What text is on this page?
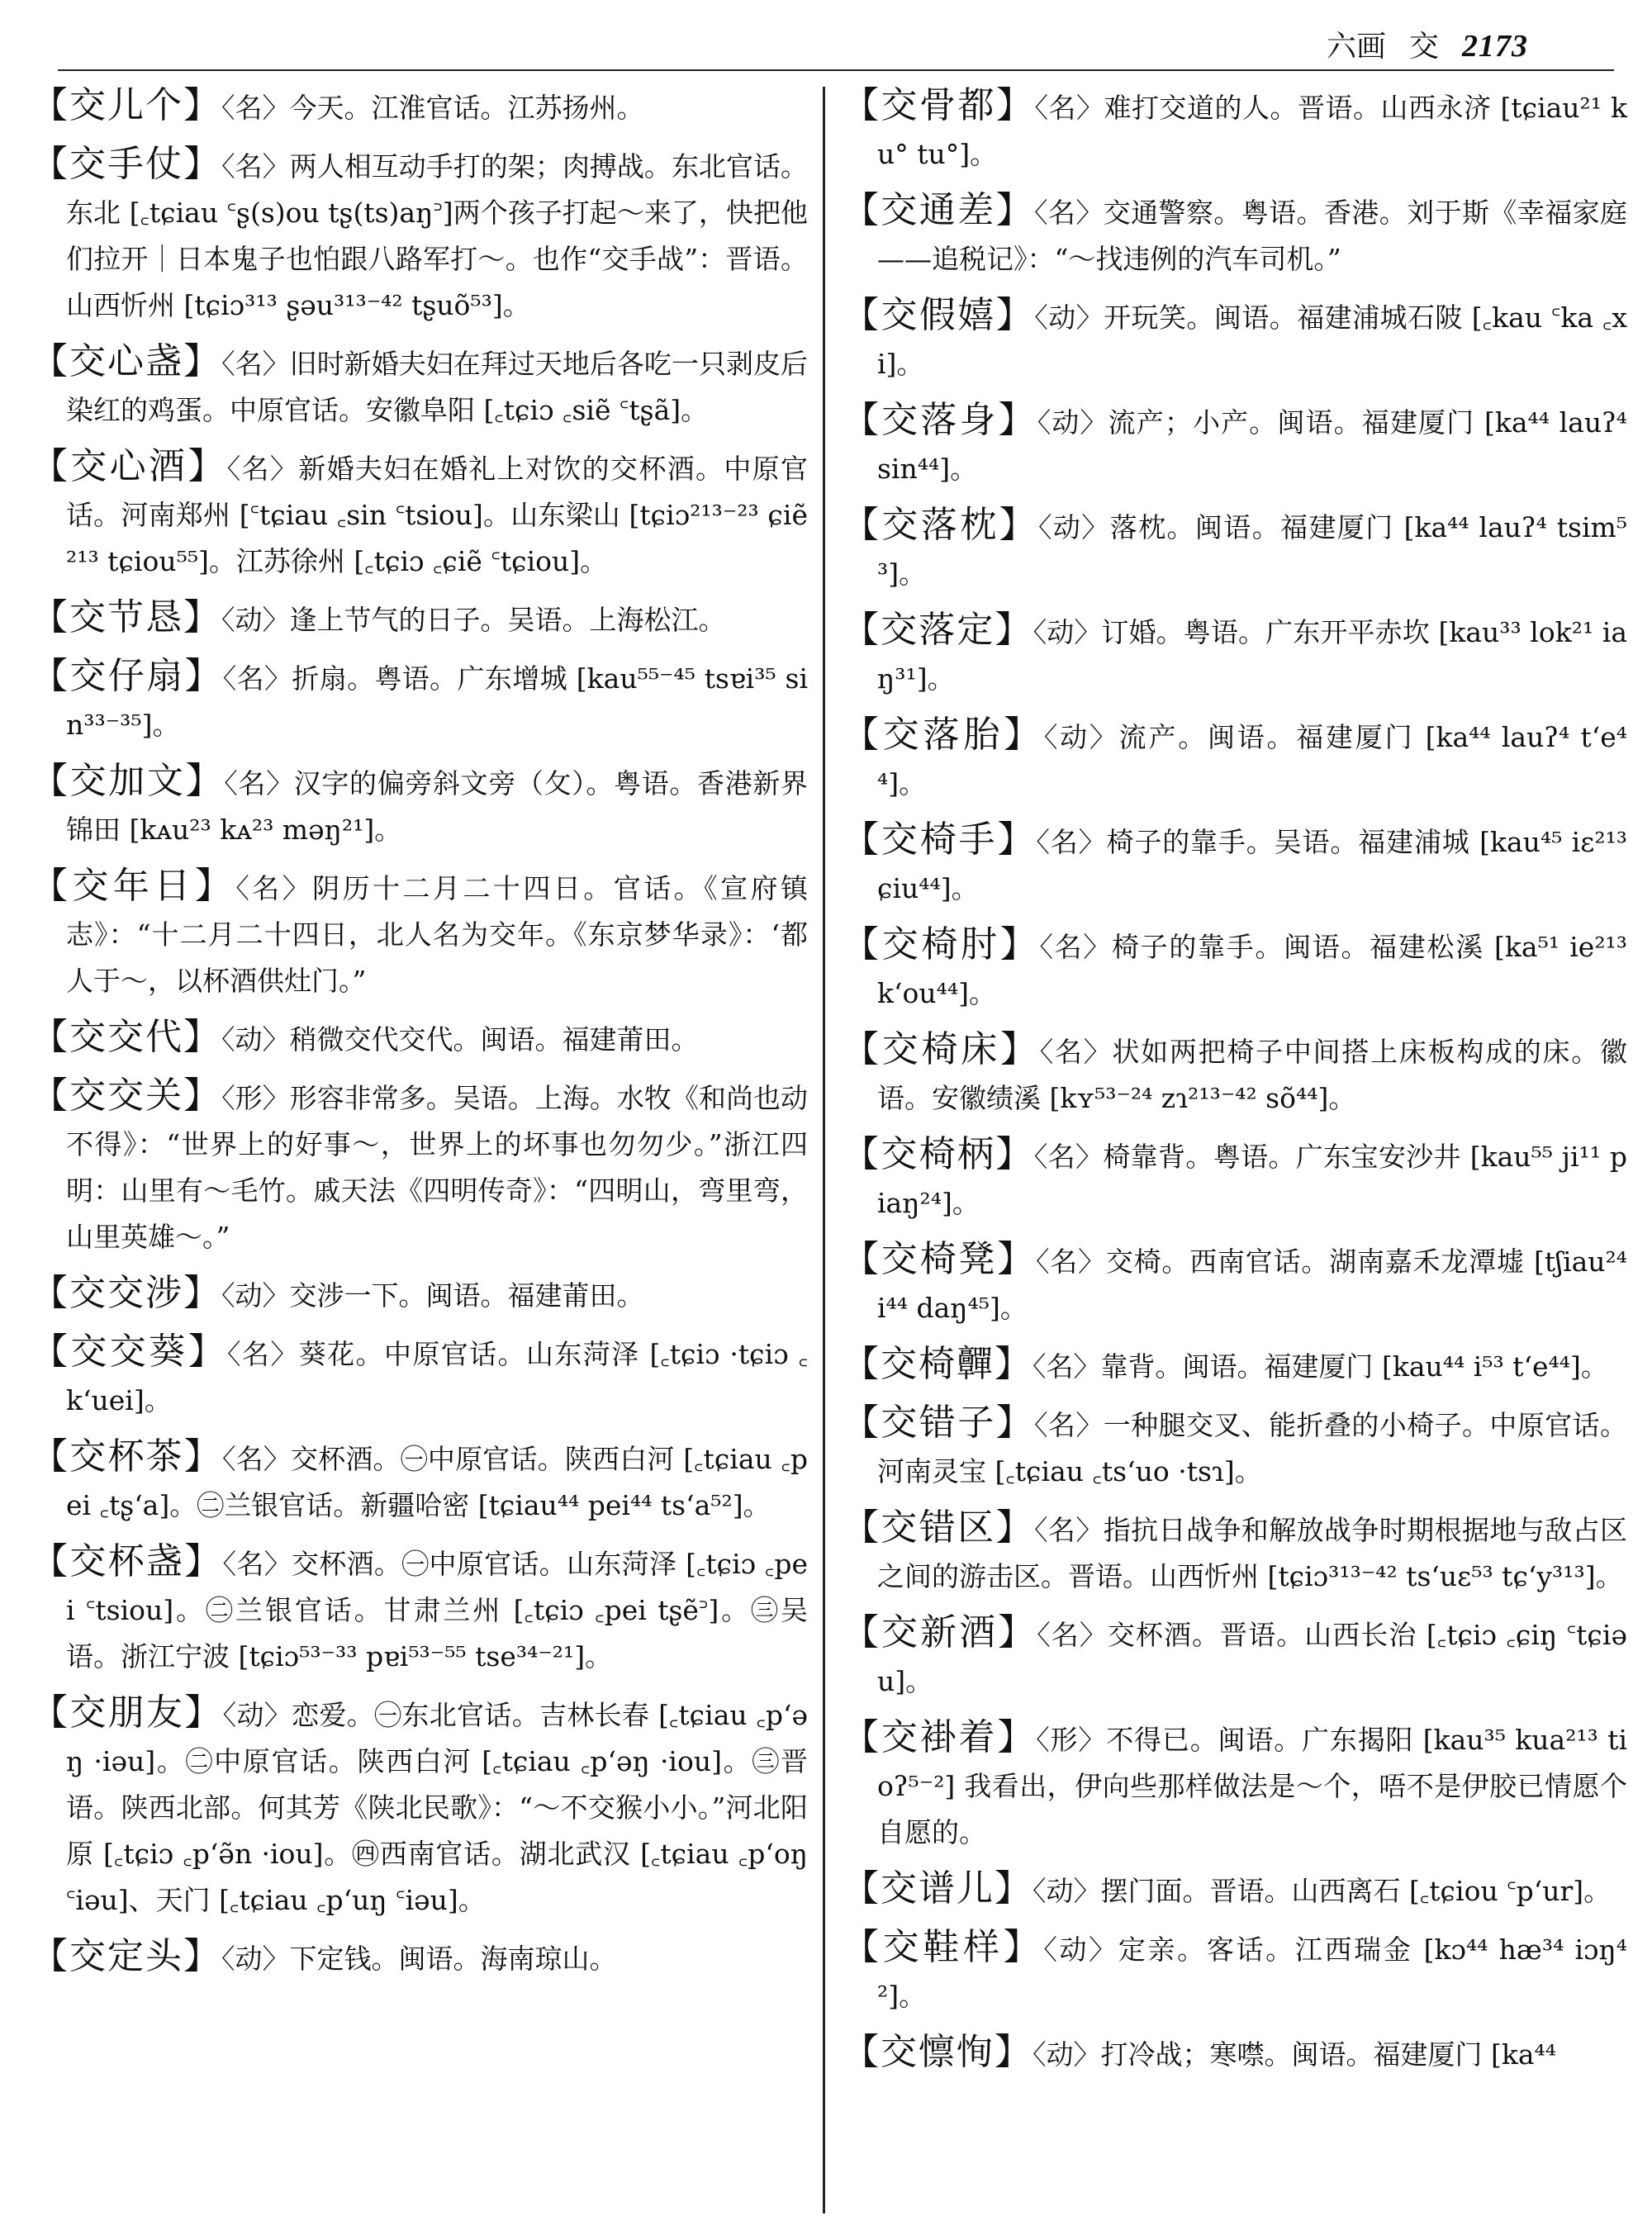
六画 交 2173

【交儿个】〈名〉今天。江淮官话。江苏扬州。

【交手仗】〈名〉两人相互动手打的架；肉搏战。东北官话。东北 [꜀tɕiau ꜂ʂ(s)ou tʂ(ts)aŋ꜄]两个孩子打起～来了，快把他们拉开｜日本鬼子也怕跟八路军打～。也作“交手战”：晋语。山西忻州 [tɕiɔ³¹³ ʂəu³¹³⁻⁴² tʂuõ⁵³]。

【交心盏】〈名〉旧时新婚夫妇在拜过天地后各吃一只剥皮后染红的鸡蛋。中原官话。安徽阜阳 [꜀tɕiɔ ꜀siẽ ꜂tʂã]。

【交心酒】〈名〉新婚夫妇在婚礼上对饮的交杯酒。中原官话。河南郑州 [꜂tɕiau ꜀sin ꜂tsiou]。山东梁山 [tɕiɔ²¹³⁻²³ ɕiẽ²¹³ tɕiou⁵⁵]。江苏徐州 [꜀tɕiɔ ꜀ɕiẽ ꜂tɕiou]。

【交节恳】〈动〉逢上节气的日子。吴语。上海松江。

【交仔扇】〈名〉折扇。粤语。广东增城 [kau⁵⁵⁻⁴⁵ tsɐi³⁵ sin³³⁻³⁵]。

【交加文】〈名〉汉字的偏旁斜文旁（攵）。粤语。香港新界锦田 [kᴀu²³ kᴀ²³ məŋ²¹]。

【交年日】〈名〉阴历十二月二十四日。官话。《宣府镇志》：“十二月二十四日，北人名为交年。《东京梦华录》：‘都人于～，以杯酒供灶门。”

【交交代】〈动〉稍微交代交代。闽语。福建莆田。

【交交关】〈形〉形容非常多。吴语。上海。水牧《和尚也动不得》：“世界上的好事～，世界上的坏事也勿勿少。”浙江四明：山里有～毛竹。戚天法《四明传奇》：“四明山，弯里弯，山里英雄～。”

【交交涉】〈动〉交涉一下。闽语。福建莆田。

【交交葵】〈名〉葵花。中原官话。山东菏泽 [꜀tɕiɔ ·tɕiɔ ꜀k‘uei]。

【交杯茶】〈名〉交杯酒。㊀中原官话。陕西白河 [꜀tɕiau ꜀pei ꜀tʂ‘a]。㊁兰银官话。新疆哈密 [tɕiau⁴⁴ pei⁴⁴ ts‘a⁵²]。

【交杯盏】〈名〉交杯酒。㊀中原官话。山东菏泽 [꜀tɕiɔ ꜀pei ꜂tsiou]。㊁兰银官话。甘肃兰州 [꜀tɕiɔ ꜀pei tʂẽ꜄]。㊂吴语。浙江宁波 [tɕiɔ⁵³⁻³³ pɐi⁵³⁻⁵⁵ tse³⁴⁻²¹]。

【交朋友】〈动〉恋爱。㊀东北官话。吉林长春 [꜀tɕiau ꜀p‘əŋ ·iəu]。㊁中原官话。陕西白河 [꜀tɕiau ꜀p‘əŋ ·iou]。㊂晋语。陕西北部。何其芳《陕北民歌》：“～不交猴小小。”河北阳原 [꜀tɕiɔ ꜀p‘ə̃n ·iou]。㊃西南官话。湖北武汉 [꜀tɕiau ꜀p‘oŋ ꜂iəu]、天门 [꜀tɕiau ꜀p‘uŋ ꜂iəu]。

【交定头】〈动〉下定钱。闽语。海南琼山。

【交骨都】〈名〉难打交道的人。晋语。山西永济 [tɕiau²¹ ku° tu°]。

【交通差】〈名〉交通警察。粤语。香港。刘于斯《幸福家庭——追税记》：“～找违例的汽车司机。”

【交假嬉】〈动〉开玩笑。闽语。福建浦城石陂 [꜀kau ꜂ka ꜀xi]。

【交落身】〈动〉流产；小产。闽语。福建厦门 [ka⁴⁴ lauʔ⁴ sin⁴⁴]。

【交落枕】〈动〉落枕。闽语。福建厦门 [ka⁴⁴ lauʔ⁴ tsim⁵³]。

【交落定】〈动〉订婚。粤语。广东开平赤坎 [kau³³ lok²¹ iaŋ³¹]。

【交落胎】〈动〉流产。闽语。福建厦门 [ka⁴⁴ lauʔ⁴ t‘e⁴⁴]。

【交椅手】〈名〉椅子的靠手。吴语。福建浦城 [kau⁴⁵ iɛ²¹³ ɕiu⁴⁴]。

【交椅肘】〈名〉椅子的靠手。闽语。福建松溪 [ka⁵¹ ie²¹³ k‘ou⁴⁴]。

【交椅床】〈名〉状如两把椅子中间搭上床板构成的床。徽语。安徽绩溪 [kʏ⁵³⁻²⁴ zɿ²¹³⁻⁴² sõ⁴⁴]。

【交椅柄】〈名〉椅靠背。粤语。广东宝安沙井 [kau⁵⁵ ji¹¹ piaŋ²⁴]。

【交椅凳】〈名〉交椅。西南官话。湖南嘉禾龙潭墟 [tʃiau²⁴ i⁴⁴ daŋ⁴⁵]。

【交椅䯬】〈名〉靠背。闽语。福建厦门 [kau⁴⁴ i⁵³ t‘e⁴⁴]。

【交错子】〈名〉一种腿交叉、能折叠的小椅子。中原官话。河南灵宝 [꜀tɕiau ꜀ts‘uo ·tsɿ]。

【交错区】〈名〉指抗日战争和解放战争时期根据地与敌占区之间的游击区。晋语。山西忻州 [tɕiɔ³¹³⁻⁴² ts‘uɛ⁵³ tɕ‘y³¹³]。

【交新酒】〈名〉交杯酒。晋语。山西长治 [꜀tɕiɔ ꜀ɕiŋ ꜂tɕiəu]。

【交褂着】〈形〉不得已。闽语。广东揭阳 [kau³⁵ kua²¹³ tioʔ⁵⁻²] 我看出，伊向些那样做法是～个，唔不是伊胶已情愿个自愿的。

【交谱儿】〈动〉摆门面。晋语。山西离石 [꜀tɕiou ꜂p‘ur]。

【交鞋样】〈动〉定亲。客话。江西瑞金 [kɔ⁴⁴ hæ³⁴ iɔŋ⁴²]。

【交懔恂】〈动〉打冷战；寒噤。闽语。福建厦门 [ka⁴⁴
